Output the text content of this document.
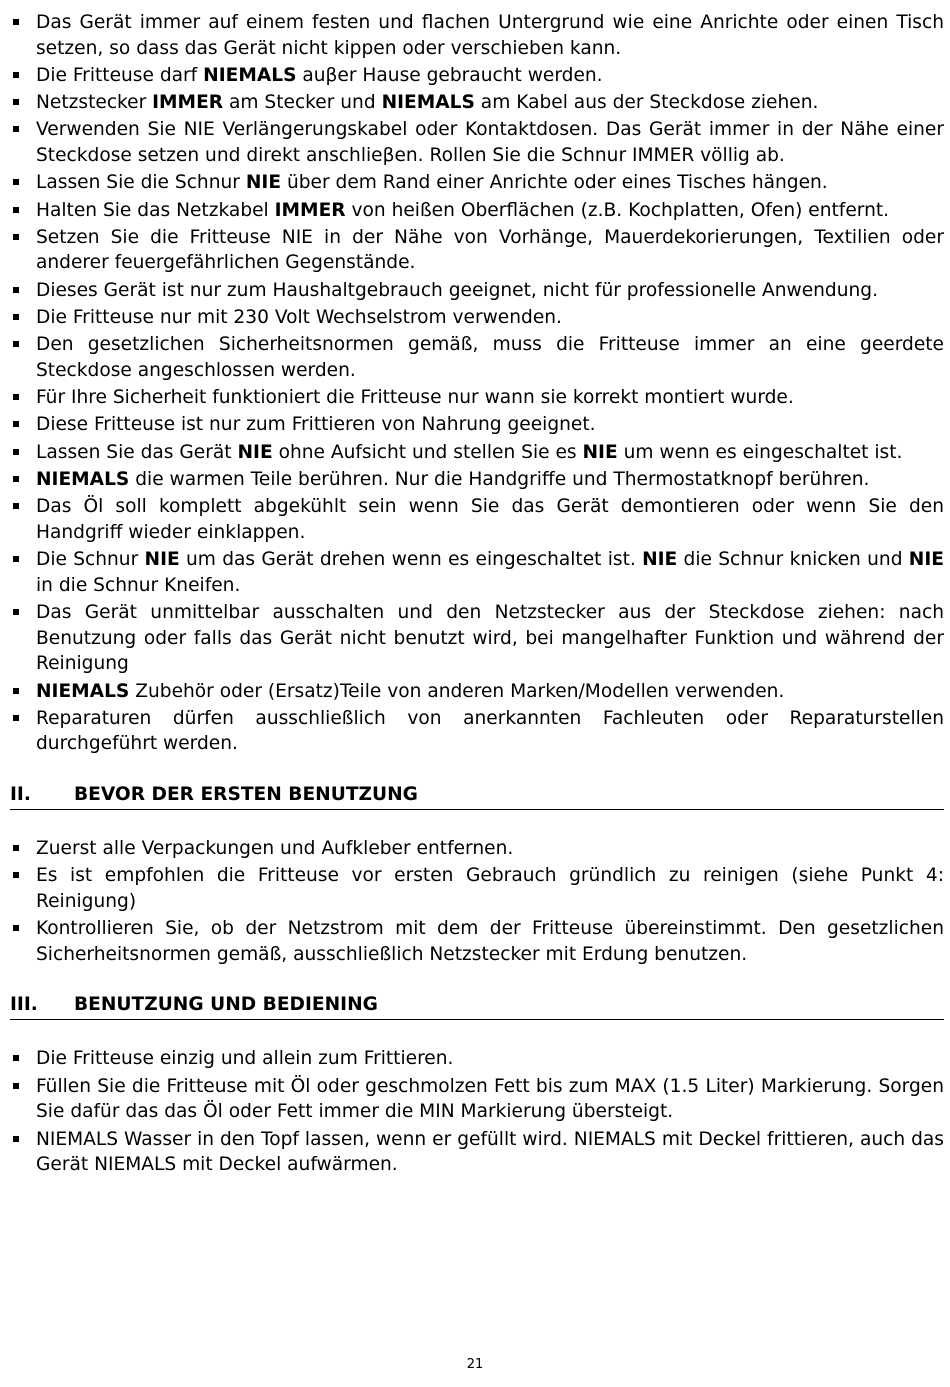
Das Gerät immer auf einem festen und flachen Untergrund wie eine Anrichte oder einen Tisch setzen, so dass das Gerät nicht kippen oder verschieben kann.
Die Fritteuse darf NIEMALS auβer Hause gebraucht werden.
Netzstecker IMMER am Stecker und NIEMALS am Kabel aus der Steckdose ziehen.
Verwenden Sie NIE Verlängerungskabel oder Kontaktdosen. Das Gerät immer in der Nähe einer Steckdose setzen und direkt anschlieβen. Rollen Sie die Schnur IMMER völlig ab.
Lassen Sie die Schnur NIE über dem Rand einer Anrichte oder eines Tisches hängen.
Halten Sie das Netzkabel IMMER von heißen Oberflächen (z.B. Kochplatten, Ofen) entfernt.
Setzen Sie die Fritteuse NIE in der Nähe von Vorhänge, Mauerdekorierungen, Textilien oder anderer feuergefährlichen Gegenstände.
Dieses Gerät ist nur zum Haushaltgebrauch geeignet, nicht für professionelle Anwendung.
Die Fritteuse nur mit 230 Volt Wechselstrom verwenden.
Den gesetzlichen Sicherheitsnormen gemäß, muss die Fritteuse immer an eine geerdete Steckdose angeschlossen werden.
Für Ihre Sicherheit funktioniert die Fritteuse nur wann sie korrekt montiert wurde.
Diese Fritteuse ist nur zum Frittieren von Nahrung geeignet.
Lassen Sie das Gerät NIE ohne Aufsicht und stellen Sie es NIE um wenn es eingeschaltet ist.
NIEMALS die warmen Teile berühren. Nur die Handgriffe und Thermostatknopf berühren.
Das Öl soll komplett abgekühlt sein wenn Sie das Gerät demontieren oder wenn Sie den Handgriff wieder einklappen.
Die Schnur NIE um das Gerät drehen wenn es eingeschaltet ist. NIE die Schnur knicken und NIE in die Schnur Kneifen.
Das Gerät unmittelbar ausschalten und den Netzstecker aus der Steckdose ziehen: nach Benutzung oder falls das Gerät nicht benutzt wird, bei mangelhafter Funktion und während der Reinigung
NIEMALS Zubehör oder (Ersatz)Teile von anderen Marken/Modellen verwenden.
Reparaturen dürfen ausschließlich von anerkannten Fachleuten oder Reparaturstellen durchgeführt werden.
II.	BEVOR DER ERSTEN BENUTZUNG
Zuerst alle Verpackungen und Aufkleber entfernen.
Es ist empfohlen die Fritteuse vor ersten Gebrauch gründlich zu reinigen (siehe Punkt 4: Reinigung)
Kontrollieren Sie, ob der Netzstrom mit dem der Fritteuse übereinstimmt. Den gesetzlichen Sicherheitsnormen gemäß, ausschließlich Netzstecker mit Erdung benutzen.
III.	BENUTZUNG UND BEDIENING
Die Fritteuse einzig und allein zum Frittieren.
Füllen Sie die Fritteuse mit Öl oder geschmolzen Fett bis zum MAX (1.5 Liter) Markierung. Sorgen Sie dafür das das Öl oder Fett immer die MIN Markierung übersteigt.
NIEMALS Wasser in den Topf lassen, wenn er gefüllt wird. NIEMALS mit Deckel frittieren, auch das Gerät NIEMALS mit Deckel aufwärmen.
21
